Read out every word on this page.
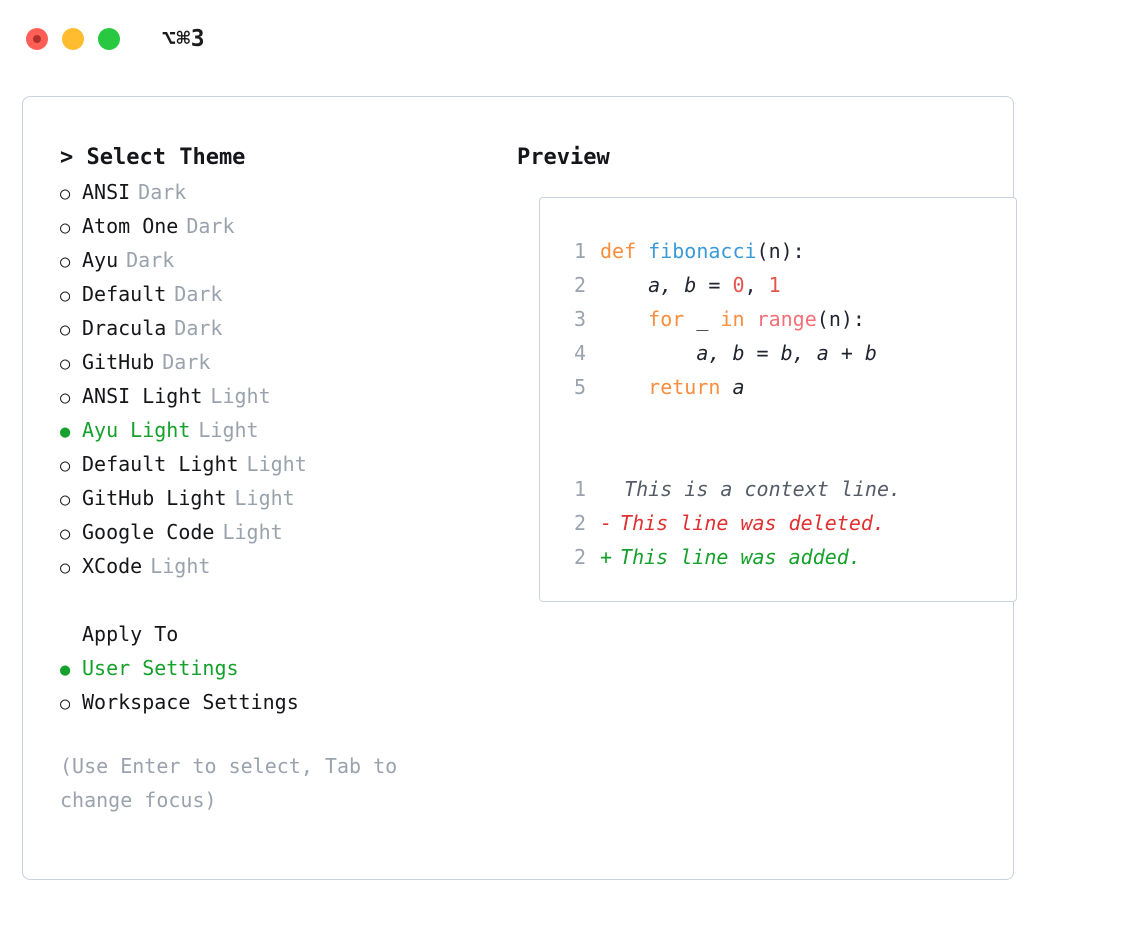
⌥⌘3
> Select Theme
○ ANSI Dark
○ Atom One Dark
○ Ayu Dark
○ Default Dark
○ Dracula Dark
○ GitHub Dark
○ ANSI Light Light
● Ayu Light Light
○ Default Light Light
○ GitHub Light Light
○ Google Code Light
○ XCode Light
Apply To
● User Settings
○ Workspace Settings
(Use Enter to select, Tab to change focus)
Preview
1 def fibonacci (n):
2 a, b = 0 , 1
3
	for _ in
range (n):
4 a, b = b, a + b
5
	return a
1 This is a context line.
2 - This line was deleted.
2 + This line was added.
